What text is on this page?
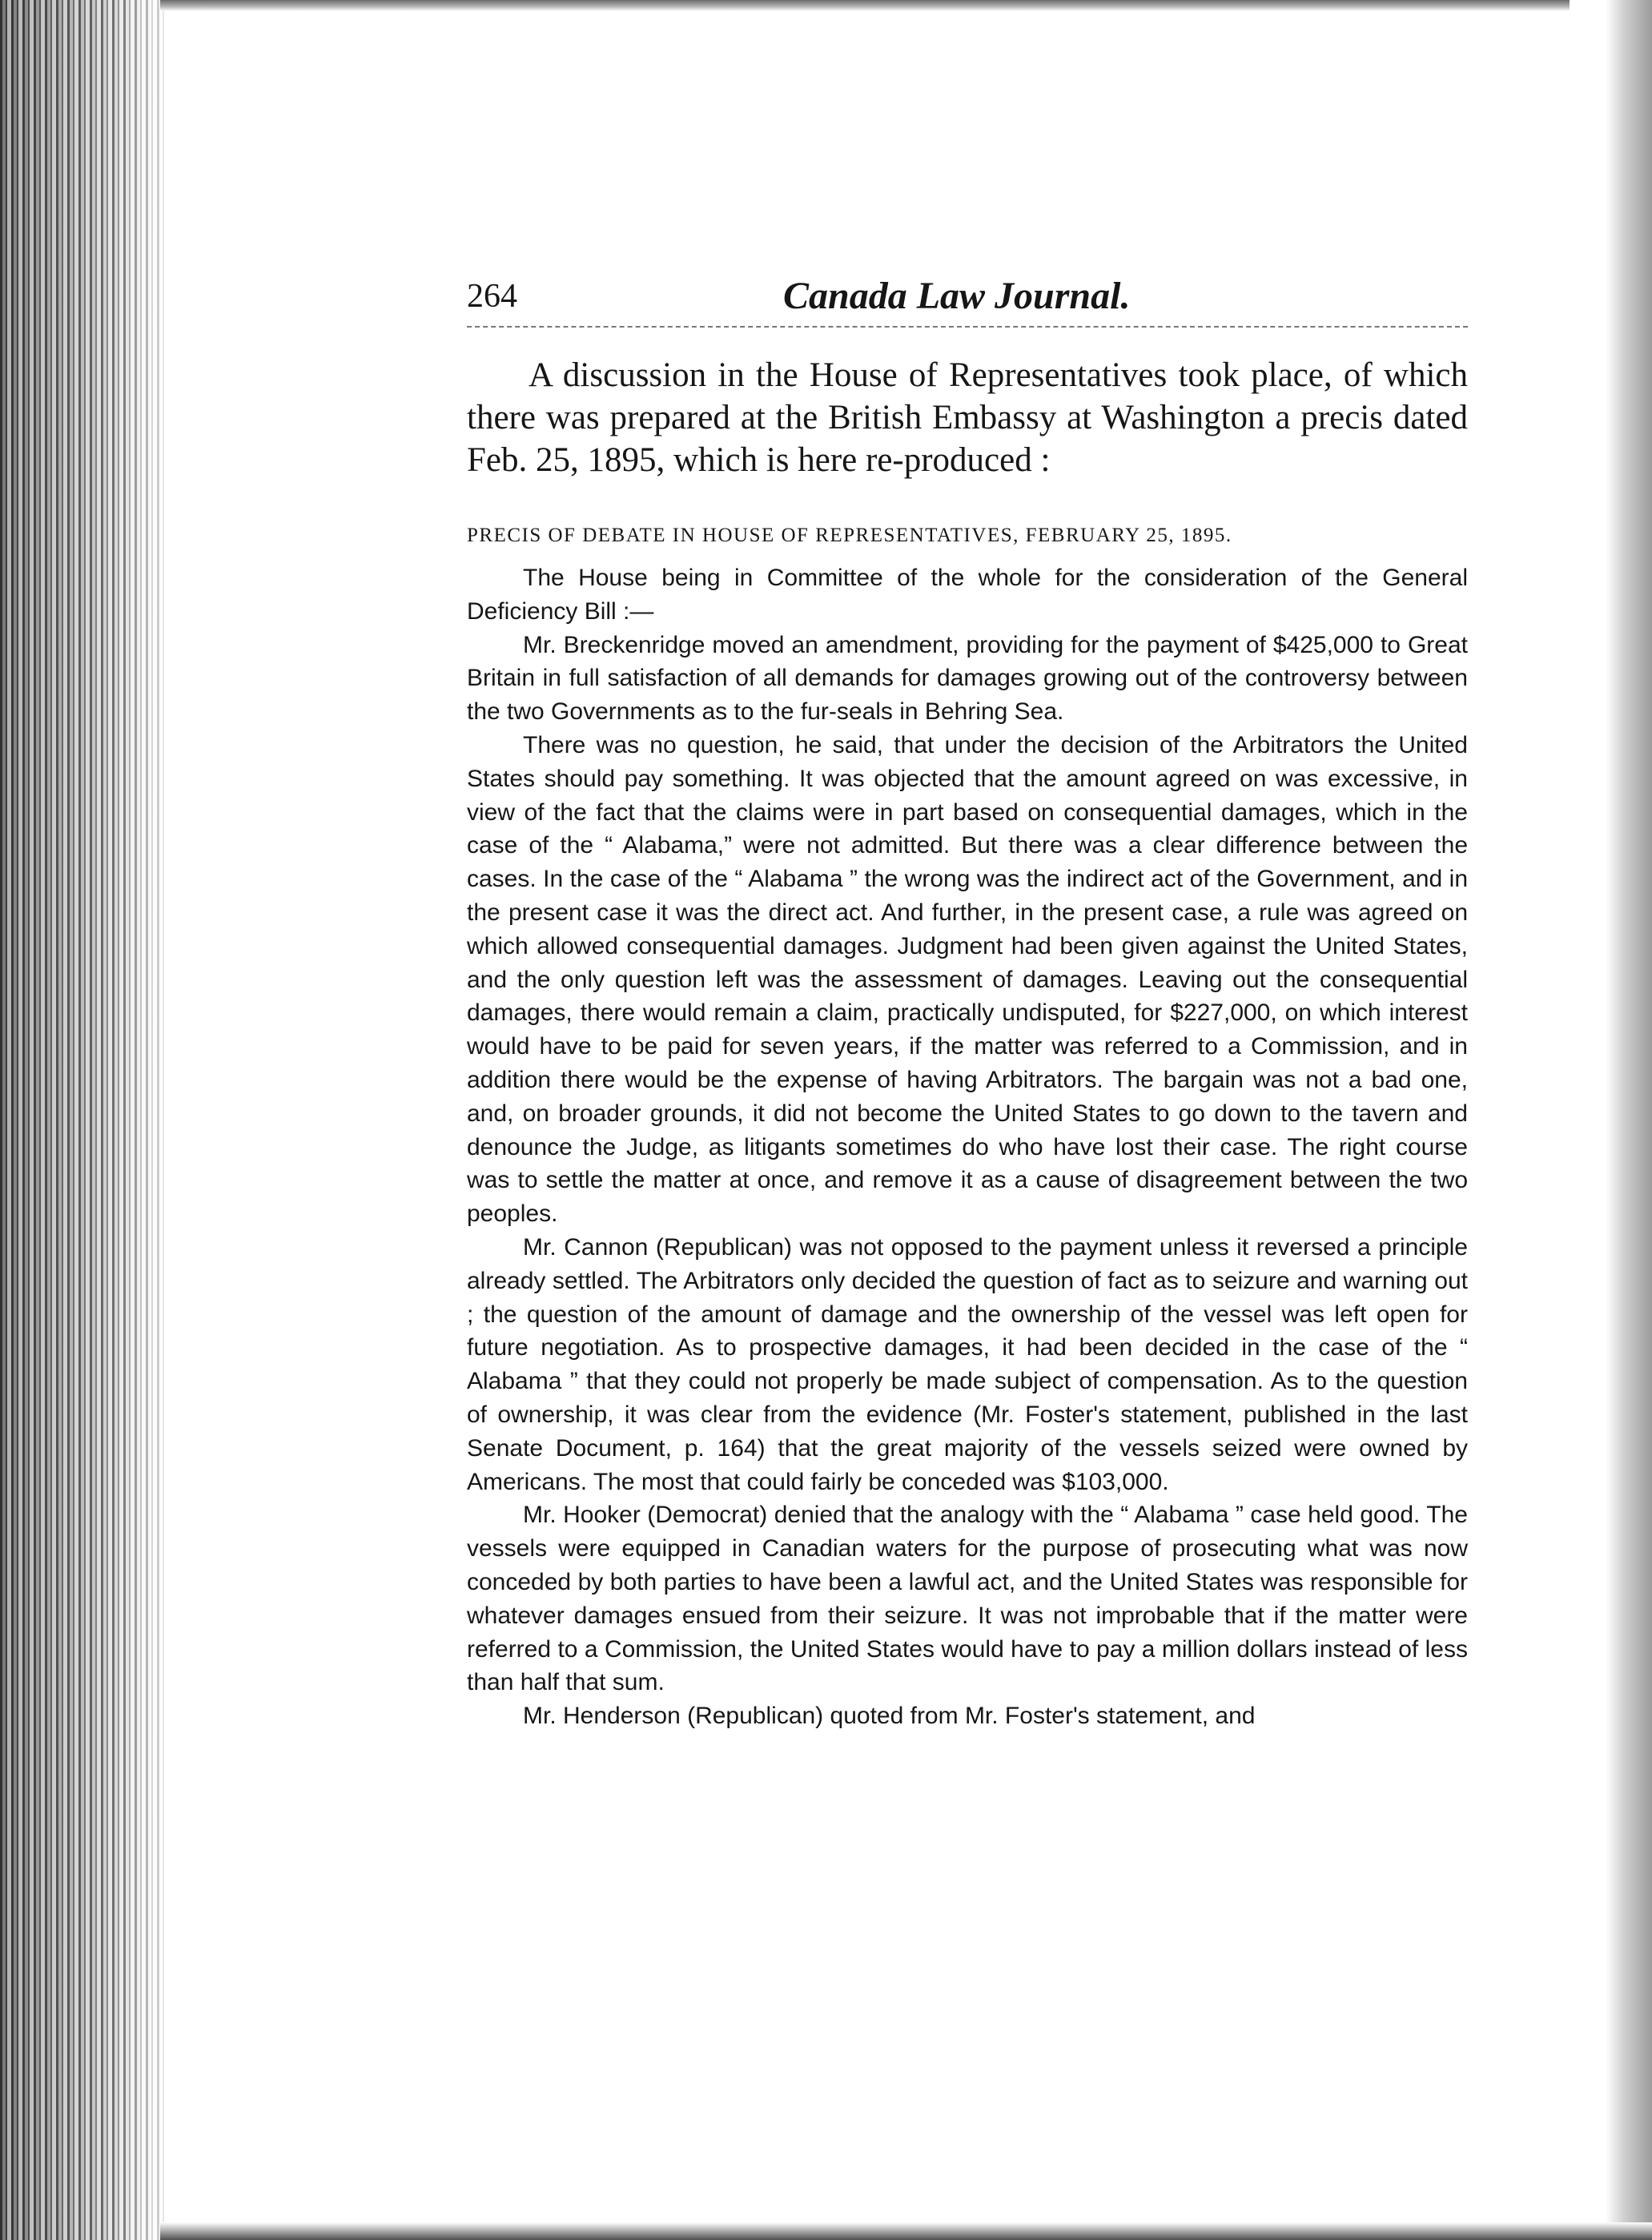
264	Canada Law Journal.

A discussion in the House of Representatives took place, of which there was prepared at the British Embassy at Washington a precis dated Feb. 25, 1895, which is here re-produced :

PRECIS OF DEBATE IN HOUSE OF REPRESENTATIVES, FEBRUARY 25, 1895.

The House being in Committee of the whole for the consideration of the General Deficiency Bill :—

Mr. Breckenridge moved an amendment, providing for the payment of $425,000 to Great Britain in full satisfaction of all demands for damages growing out of the controversy between the two Governments as to the fur-seals in Behring Sea.

There was no question, he said, that under the decision of the Arbitrators the United States should pay something. It was objected that the amount agreed on was excessive, in view of the fact that the claims were in part based on consequential damages, which in the case of the “ Alabama,” were not admitted. But there was a clear difference between the cases. In the case of the “ Alabama ” the wrong was the indirect act of the Government, and in the present case it was the direct act. And further, in the present case, a rule was agreed on which allowed consequential damages. Judgment had been given against the United States, and the only question left was the assessment of damages. Leaving out the consequential damages, there would remain a claim, practically undisputed, for $227,000, on which interest would have to be paid for seven years, if the matter was referred to a Commission, and in addition there would be the expense of having Arbitrators. The bargain was not a bad one, and, on broader grounds, it did not become the United States to go down to the tavern and denounce the Judge, as litigants sometimes do who have lost their case. The right course was to settle the matter at once, and remove it as a cause of disagreement between the two peoples.

Mr. Cannon (Republican) was not opposed to the payment unless it reversed a principle already settled. The Arbitrators only decided the question of fact as to seizure and warning out ; the question of the amount of damage and the ownership of the vessel was left open for future negotiation. As to prospective damages, it had been decided in the case of the “ Alabama ” that they could not properly be made subject of compensation. As to the question of ownership, it was clear from the evidence (Mr. Foster's statement, published in the last Senate Document, p. 164) that the great majority of the vessels seized were owned by Americans. The most that could fairly be conceded was $103,000.

Mr. Hooker (Democrat) denied that the analogy with the “ Alabama ” case held good. The vessels were equipped in Canadian waters for the purpose of prosecuting what was now conceded by both parties to have been a lawful act, and the United States was responsible for whatever damages ensued from their seizure. It was not improbable that if the matter were referred to a Commission, the United States would have to pay a million dollars instead of less than half that sum.

Mr. Henderson (Republican) quoted from Mr. Foster's statement, and
